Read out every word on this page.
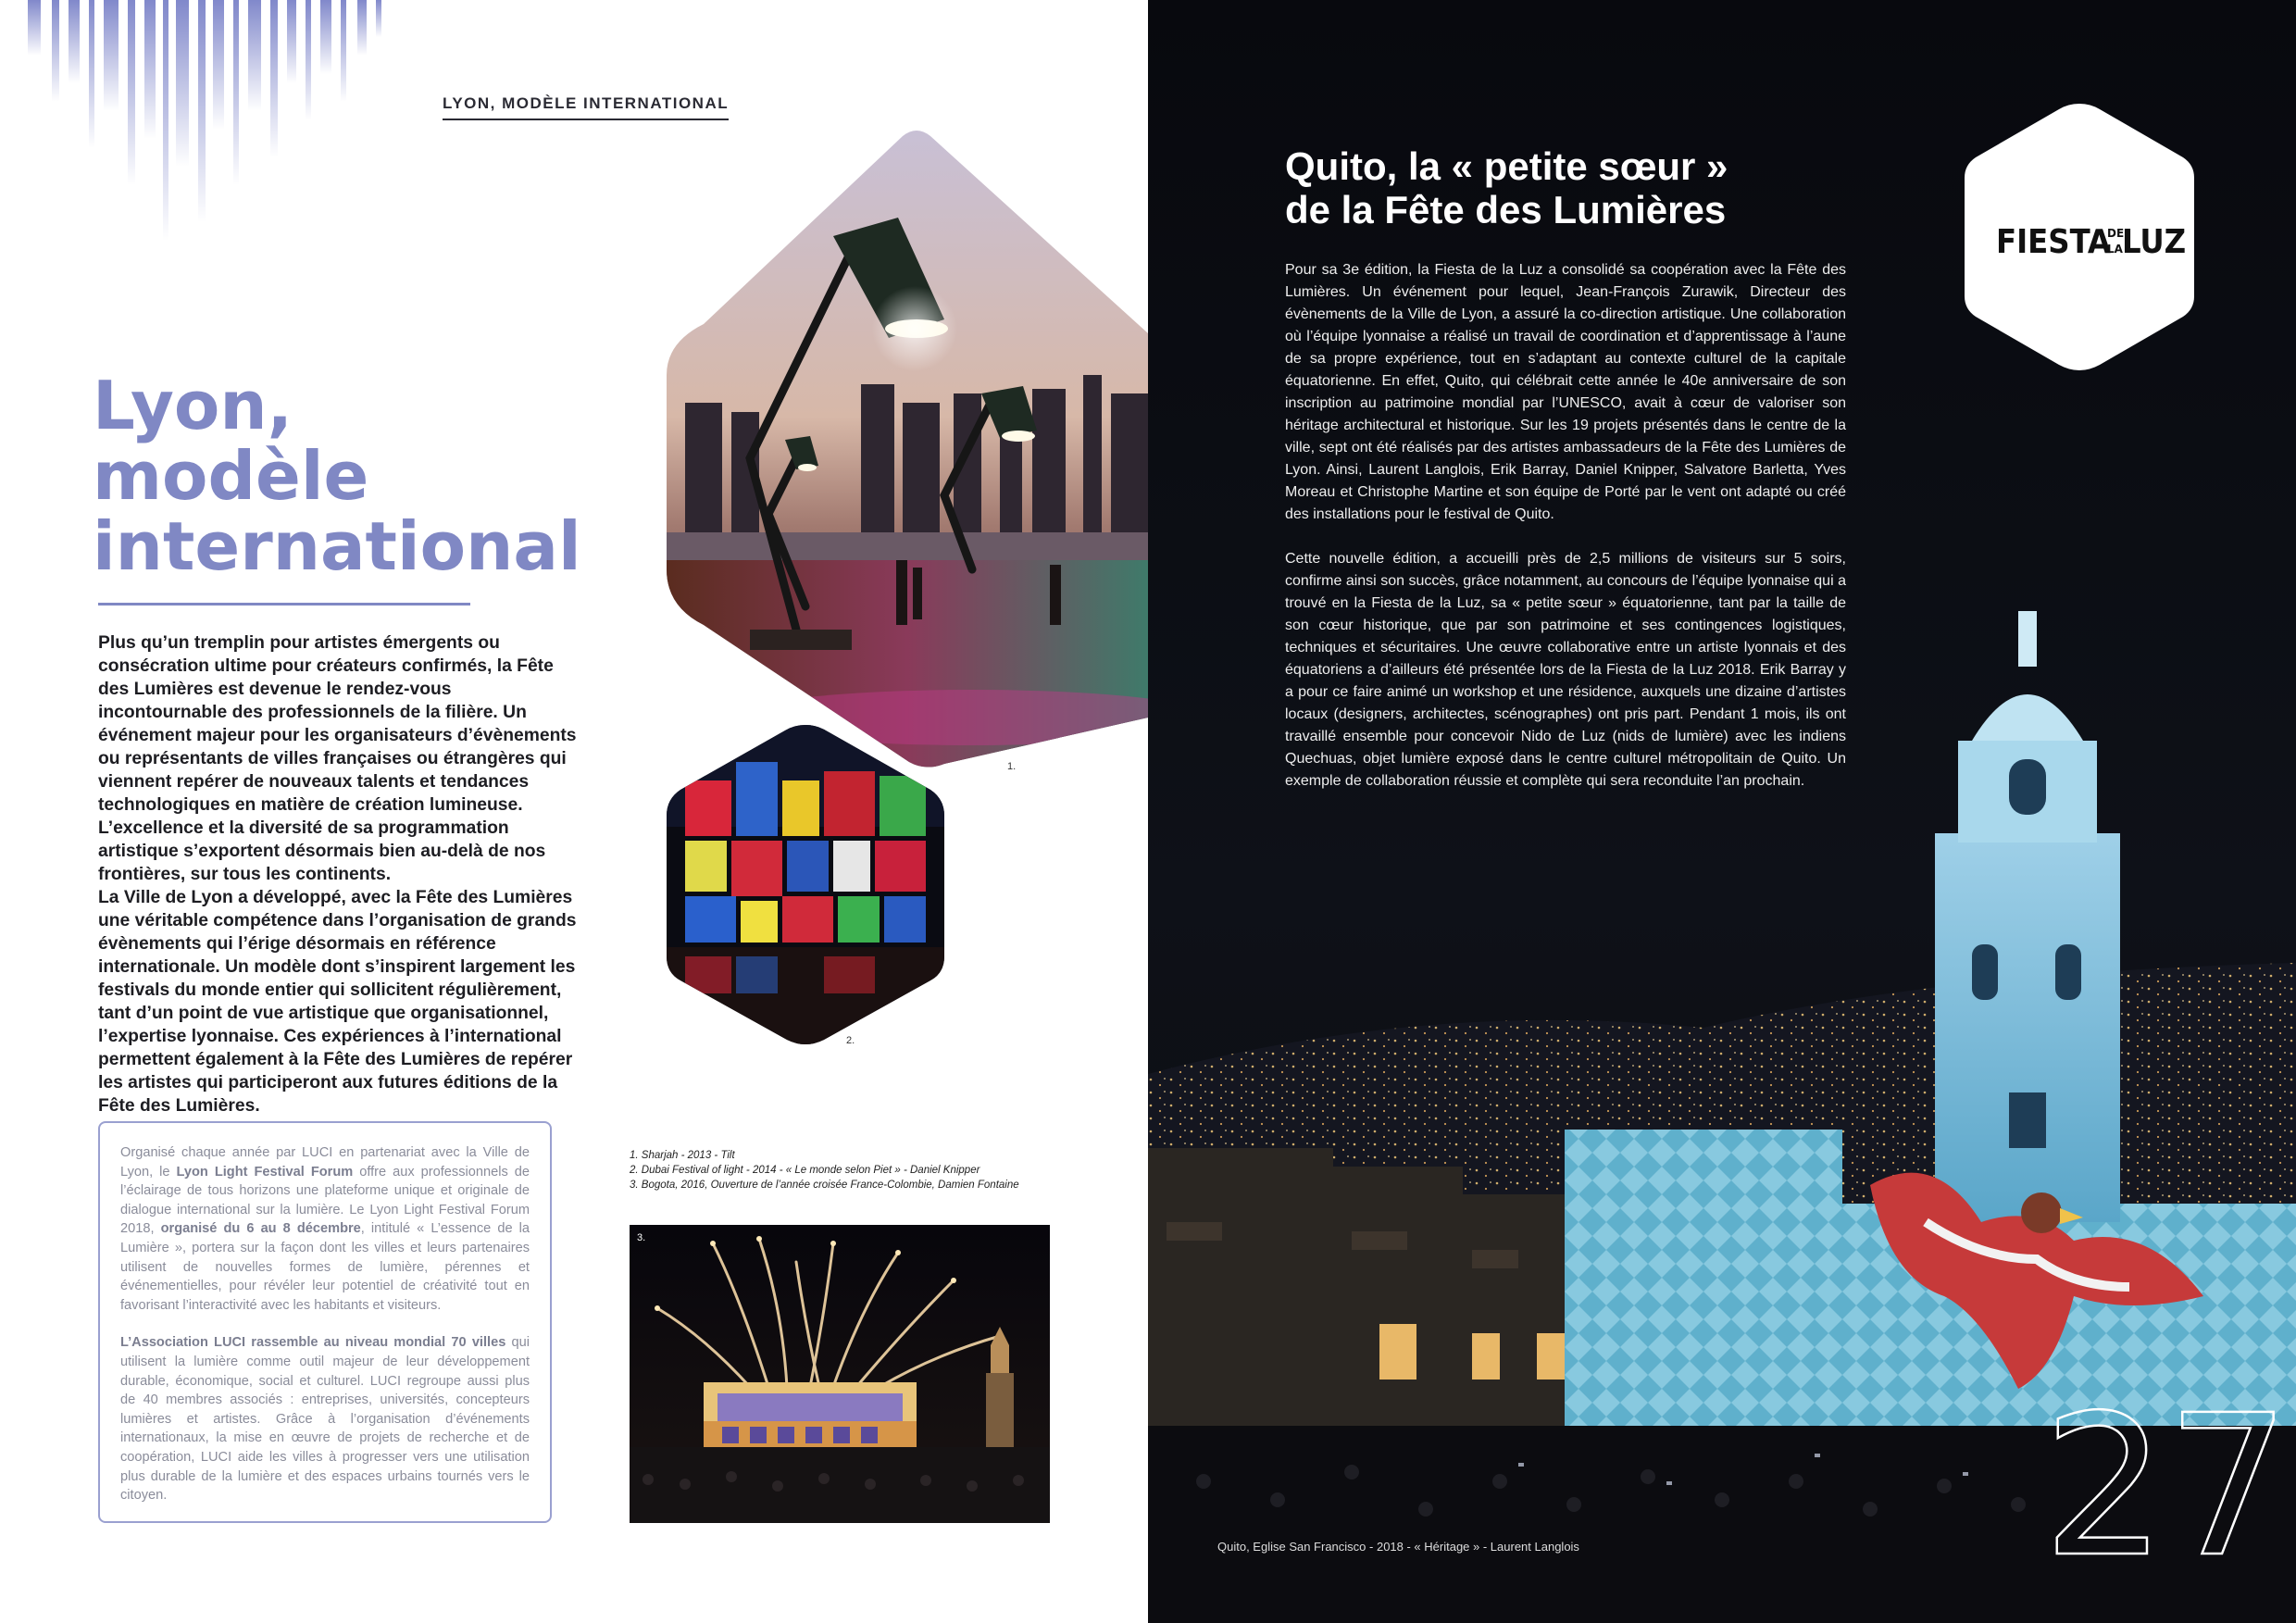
LYON, MODÈLE INTERNATIONAL
Lyon,
modèle
international

Plus qu’un tremplin pour artistes émergents ou consécration ultime pour créateurs confirmés, la Fête des Lumières est devenue le rendez-vous incontournable des professionnels de la filière. Un événement majeur pour les organisateurs d’évènements ou représentants de villes françaises ou étrangères qui viennent repérer de nouveaux talents et tendances technologiques en matière de création lumineuse. L’excellence et la diversité de sa programmation artistique s’exportent désormais bien au-delà de nos frontières, sur tous les continents.

La Ville de Lyon a développé, avec la Fête des Lumières une véritable compétence dans l’organisation de grands évènements qui l’érige désormais en référence internationale. Un modèle dont s’inspirent largement les festivals du monde entier qui sollicitent régulièrement, tant d’un point de vue artistique que organisationnel, l’expertise lyonnaise. Ces expériences à l’international permettent également à la Fête des Lumières de repérer les artistes qui participeront aux futures éditions de la Fête des Lumières.

Organisé chaque année par LUCI en partenariat avec la Ville de Lyon, le Lyon Light Festival Forum offre aux professionnels de l’éclairage de tous horizons une plateforme unique et originale de dialogue international sur la lumière. Le Lyon Light Festival Forum 2018, organisé du 6 au 8 décembre, intitulé « L’essence de la Lumière », portera sur la façon dont les villes et leurs partenaires utilisent de nouvelles formes de lumière, pérennes et événementielles, pour révéler leur potentiel de créativité tout en favorisant l’interactivité avec les habitants et visiteurs.

L’Association LUCI rassemble au niveau mondial 70 villes qui utilisent la lumière comme outil majeur de leur développement durable, économique, social et culturel. LUCI regroupe aussi plus de 40 membres associés : entreprises, universités, concepteurs lumières et artistes. Grâce à l’organisation d’événements internationaux, la mise en œuvre de projets de recherche et de coopération, LUCI aide les villes à progresser vers une utilisation plus durable de la lumière et des espaces urbains tournés vers le citoyen.

1.
2.
1. Sharjah - 2013 - Tilt
2. Dubai Festival of light - 2014 - « Le monde selon Piet » - Daniel Knipper
3. Bogota, 2016, Ouverture de l’année croisée France-Colombie, Damien Fontaine
3.
Quito, la « petite sœur »
de la Fête des Lumières

Pour sa 3e édition, la Fiesta de la Luz a consolidé sa coopération avec la Fête des Lumières. Un événement pour lequel, Jean-François Zurawik, Directeur des évènements de la Ville de Lyon, a assuré la co-direction artistique. Une collaboration où l’équipe lyonnaise a réalisé un travail de coordination et d’apprentissage à l’aune de sa propre expérience, tout en s’adaptant au contexte culturel de la capitale équatorienne. En effet, Quito, qui célébrait cette année le 40e anniversaire de son inscription au patrimoine mondial par l’UNESCO, avait à cœur de valoriser son héritage architectural et historique. Sur les 19 projets présentés dans le centre de la ville, sept ont été réalisés par des artistes ambassadeurs de la Fête des Lumières de Lyon. Ainsi, Laurent Langlois, Erik Barray, Daniel Knipper, Salvatore Barletta, Yves Moreau et Christophe Martine et son équipe de Porté par le vent ont adapté ou créé des installations pour le festival de Quito.

Cette nouvelle édition, a accueilli près de 2,5 millions de visiteurs sur 5 soirs, confirme ainsi son succès, grâce notamment, au concours de l’équipe lyonnaise qui a trouvé en la Fiesta de la Luz, sa « petite sœur » équatorienne, tant par la taille de son cœur historique, que par son patrimoine et ses contingences logistiques, techniques et sécuritaires. Une œuvre collaborative entre un artiste lyonnais et des équatoriens a d’ailleurs été présentée lors de la Fiesta de la Luz 2018. Erik Barray y a pour ce faire animé un workshop et une résidence, auxquels une dizaine d’artistes locaux (designers, architectes, scénographes) ont pris part. Pendant 1 mois, ils ont travaillé ensemble pour concevoir Nido de Luz (nids de lumière) avec les indiens Quechuas, objet lumière exposé dans le centre culturel métropolitain de Quito. Un exemple de collaboration réussie et complète qui sera reconduite l’an prochain.

FIESTA
DE
LA LUZ
Quito, Eglise San Francisco - 2018 - « Héritage » - Laurent Langlois 27
